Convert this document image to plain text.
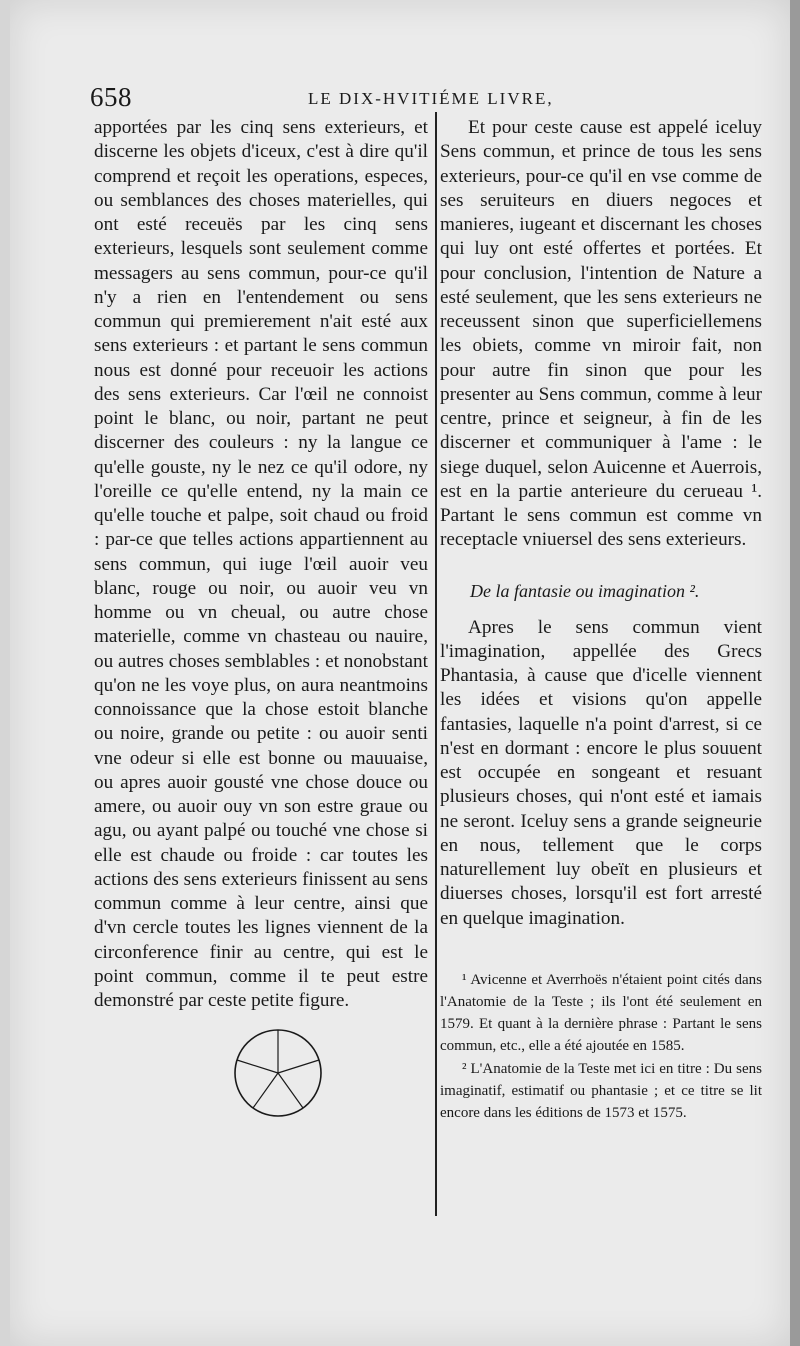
658	LE DIX-HVITIÉME LIVRE,

apportées par les cinq sens exterieurs, et discerne les objets d'iceux, c'est à dire qu'il comprend et reçoit les operations, especes, ou semblances des choses materielles, qui ont esté receuës par les cinq sens exterieurs, lesquels sont seulement comme messagers au sens commun, pour-ce qu'il n'y a rien en l'entendement ou sens commun qui premierement n'ait esté aux sens exterieurs : et partant le sens commun nous est donné pour receuoir les actions des sens exterieurs. Car l'œil ne connoist point le blanc, ou noir, partant ne peut discerner des couleurs : ny la langue ce qu'elle gouste, ny le nez ce qu'il odore, ny l'oreille ce qu'elle entend, ny la main ce qu'elle touche et palpe, soit chaud ou froid : par-ce que telles actions appartiennent au sens commun, qui iuge l'œil auoir veu blanc, rouge ou noir, ou auoir veu vn homme ou vn cheual, ou autre chose materielle, comme vn chasteau ou nauire, ou autres choses semblables : et nonobstant qu'on ne les voye plus, on aura neantmoins connoissance que la chose estoit blanche ou noire, grande ou petite : ou auoir senti vne odeur si elle est bonne ou mauuaise, ou apres auoir gousté vne chose douce ou amere, ou auoir ouy vn son estre graue ou agu, ou ayant palpé ou touché vne chose si elle est chaude ou froide : car toutes les actions des sens exterieurs finissent au sens commun comme à leur centre, ainsi que d'vn cercle toutes les lignes viennent de la circonference finir au centre, qui est le point commun, comme il te peut estre demonstré par ceste petite figure.

Et pour ceste cause est appelé iceluy Sens commun, et prince de tous les sens exterieurs, pour-ce qu'il en vse comme de ses seruiteurs en diuers negoces et manieres, iugeant et discernant les choses qui luy ont esté offertes et portées. Et pour conclusion, l'intention de Nature a esté seulement, que les sens exterieurs ne receussent sinon que superficiellemens les obiets, comme vn miroir fait, non pour autre fin sinon que pour les presenter au Sens commun, comme à leur centre, prince et seigneur, à fin de les discerner et communiquer à l'ame : le siege duquel, selon Auicenne et Auerrois, est en la partie anterieure du cerueau ¹. Partant le sens commun est comme vn receptacle vniuersel des sens exterieurs.

De la fantasie ou imagination ².

Apres le sens commun vient l'imagination, appellée des Grecs Phantasia, à cause que d'icelle viennent les idées et visions qu'on appelle fantasies, laquelle n'a point d'arrest, si ce n'est en dormant : encore le plus souuent est occupée en songeant et resuant plusieurs choses, qui n'ont esté et iamais ne seront. Iceluy sens a grande seigneurie en nous, tellement que le corps naturellement luy obeït en plusieurs et diuerses choses, lorsqu'il est fort arresté en quelque imagination.

¹ Avicenne et Averrhoës n'étaient point cités dans l'Anatomie de la Teste ; ils l'ont été seulement en 1579. Et quant à la dernière phrase : Partant le sens commun, etc., elle a été ajoutée en 1585.

² L'Anatomie de la Teste met ici en titre : Du sens imaginatif, estimatif ou phantasie ; et ce titre se lit encore dans les éditions de 1573 et 1575.
